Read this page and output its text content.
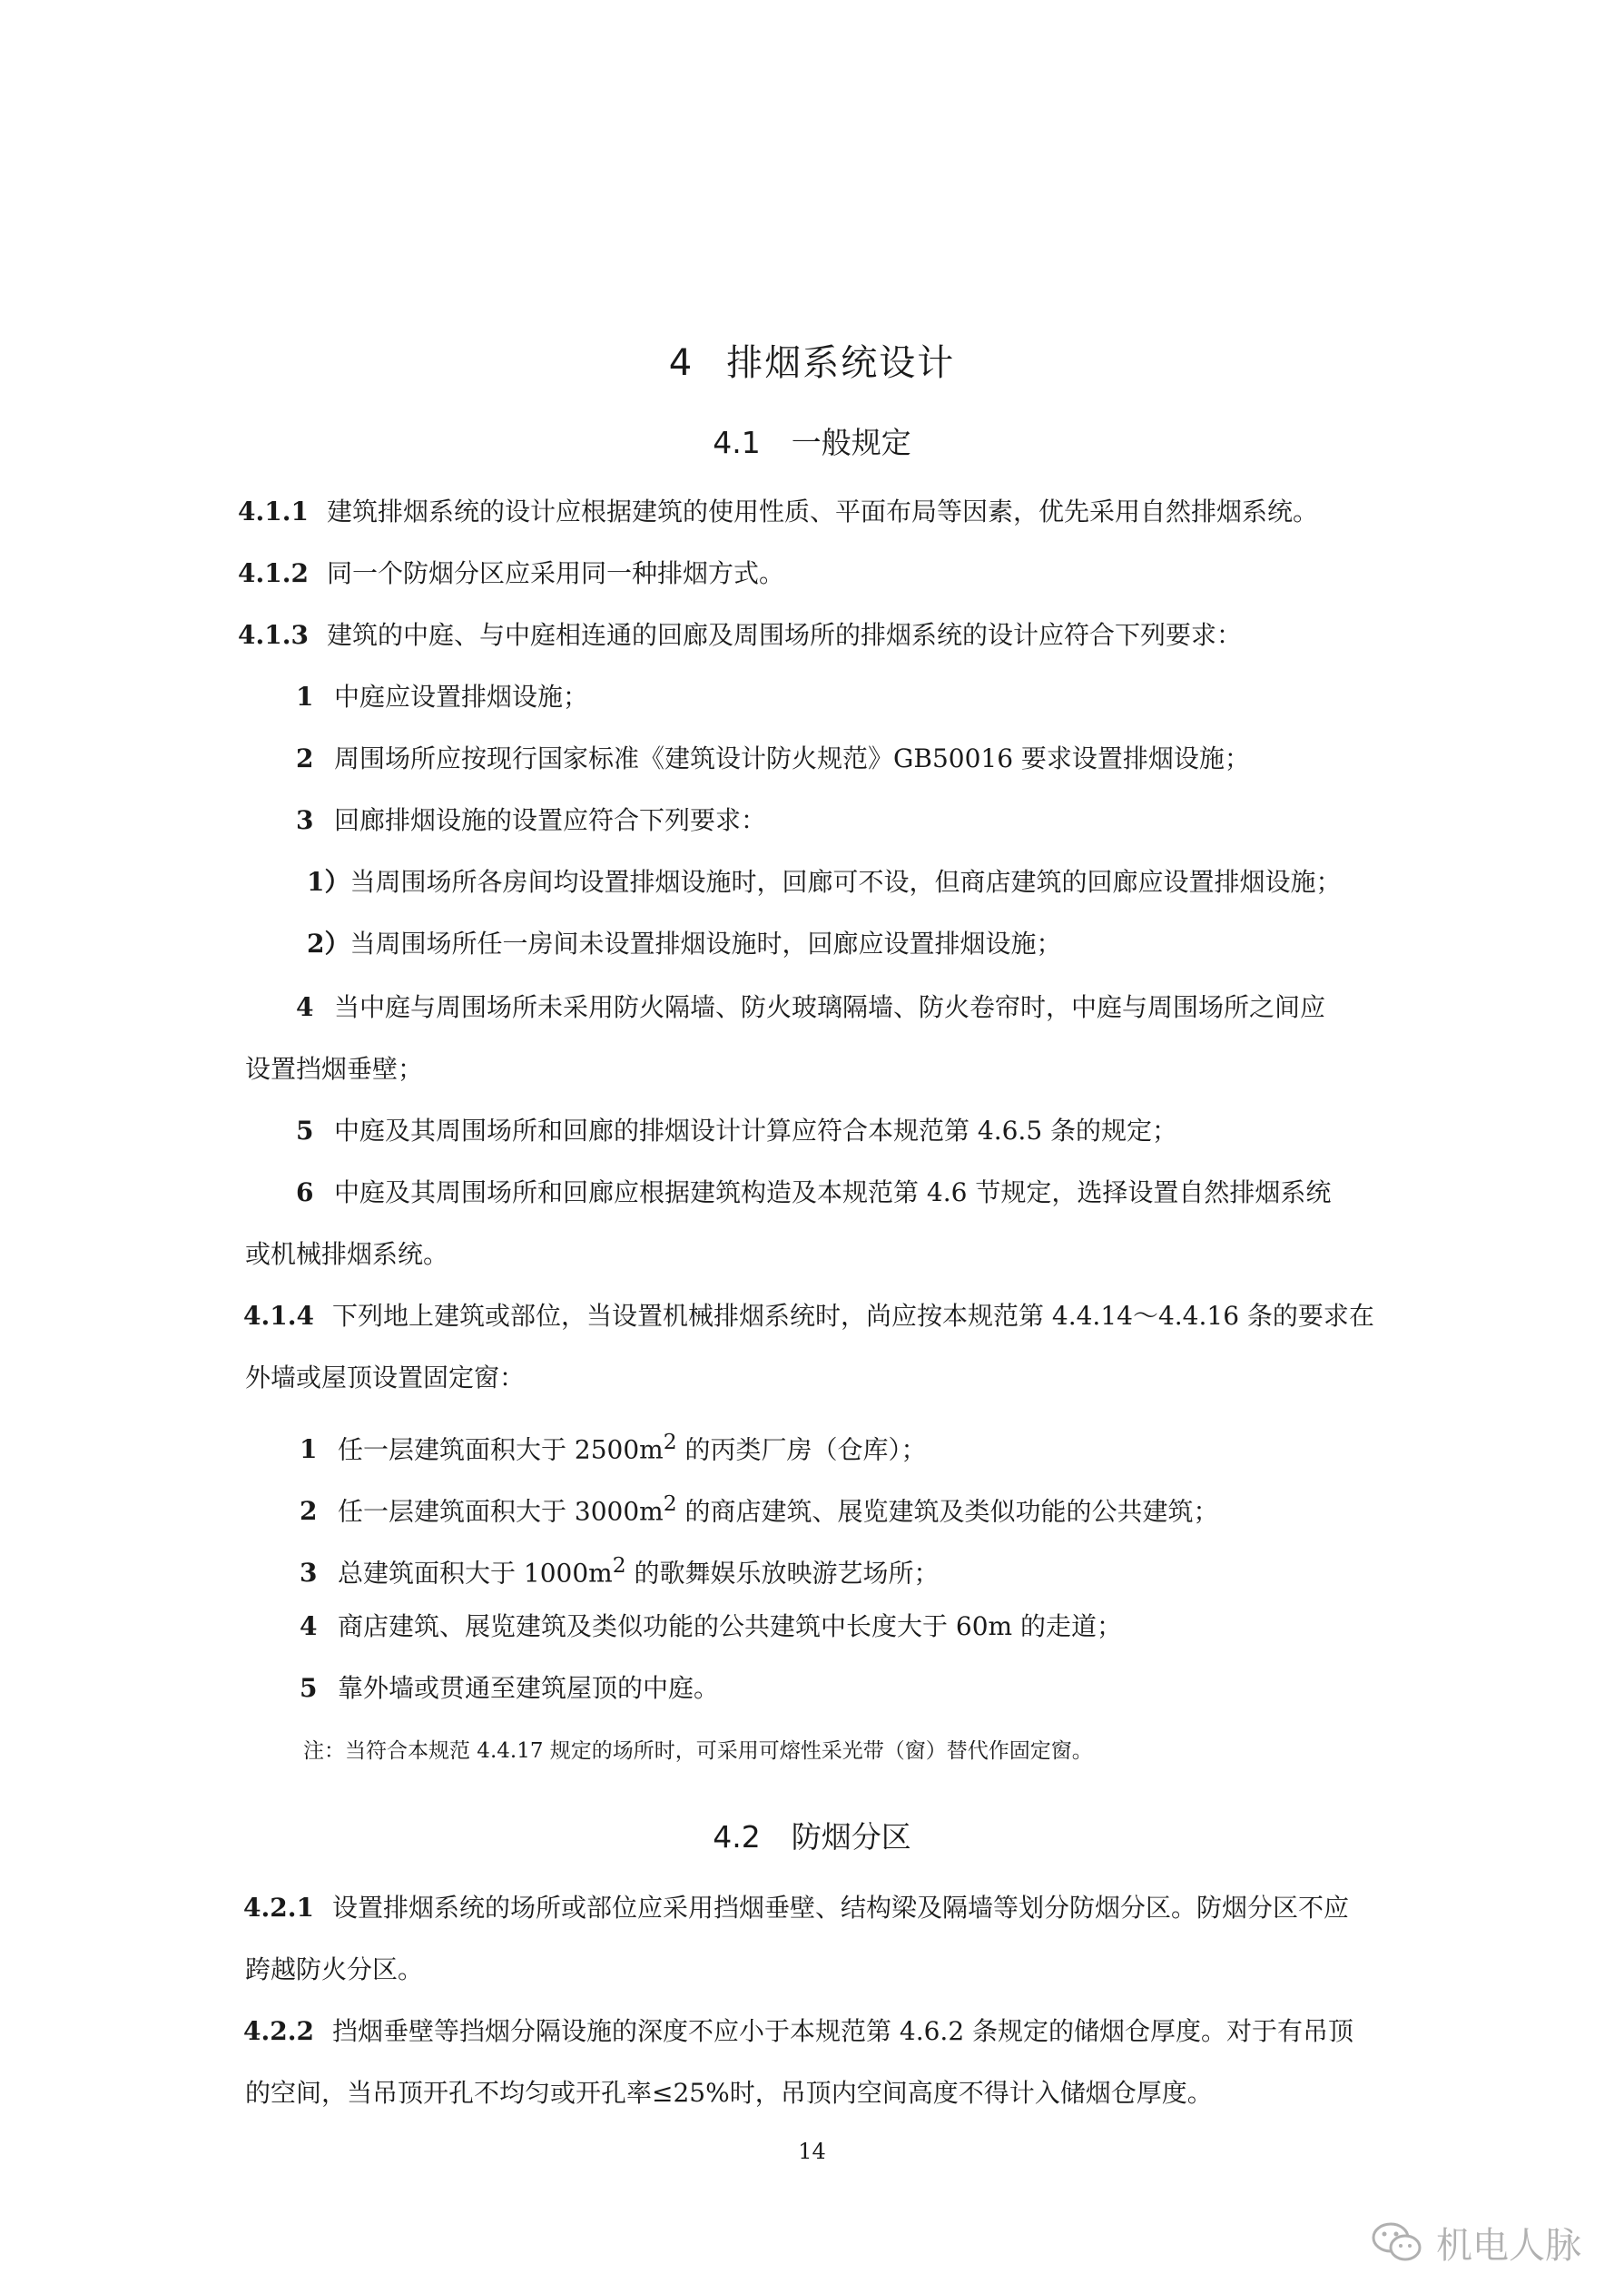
4 排烟系统设计
4.1 一般规定
4.1.1 建筑排烟系统的设计应根据建筑的使用性质、平面布局等因素，优先采用自然排烟系统。
4.1.2 同一个防烟分区应采用同一种排烟方式。
4.1.3 建筑的中庭、与中庭相连通的回廊及周围场所的排烟系统的设计应符合下列要求：
1 中庭应设置排烟设施；
2 周围场所应按现行国家标准《建筑设计防火规范》GB50016 要求设置排烟设施；
3 回廊排烟设施的设置应符合下列要求：
1）当周围场所各房间均设置排烟设施时，回廊可不设，但商店建筑的回廊应设置排烟设施；
2）当周围场所任一房间未设置排烟设施时，回廊应设置排烟设施；
4 当中庭与周围场所未采用防火隔墙、防火玻璃隔墙、防火卷帘时，中庭与周围场所之间应
设置挡烟垂壁；
5 中庭及其周围场所和回廊的排烟设计计算应符合本规范第 4.6.5 条的规定；
6 中庭及其周围场所和回廊应根据建筑构造及本规范第 4.6 节规定，选择设置自然排烟系统
或机械排烟系统。
4.1.4 下列地上建筑或部位，当设置机械排烟系统时，尚应按本规范第 4.4.14～4.4.16 条的要求在
外墙或屋顶设置固定窗：
1 任一层建筑面积大于 $2500m^2$ 的丙类厂房（仓库）；
2 任一层建筑面积大于 $3000m^2$ 的商店建筑、展览建筑及类似功能的公共建筑；
3 总建筑面积大于 $1000m^2$ 的歌舞娱乐放映游艺场所；
4 商店建筑、展览建筑及类似功能的公共建筑中长度大于 60m 的走道；
5 靠外墙或贯通至建筑屋顶的中庭。
注：当符合本规范 4.4.17 规定的场所时，可采用可熔性采光带（窗）替代作固定窗。
4.2 防烟分区
4.2.1 设置排烟系统的场所或部位应采用挡烟垂壁、结构梁及隔墙等划分防烟分区。防烟分区不应
跨越防火分区。
4.2.2 挡烟垂壁等挡烟分隔设施的深度不应小于本规范第 4.6.2 条规定的储烟仓厚度。对于有吊顶
的空间，当吊顶开孔不均匀或开孔率≤25%时，吊顶内空间高度不得计入储烟仓厚度。
14
机电人脉
